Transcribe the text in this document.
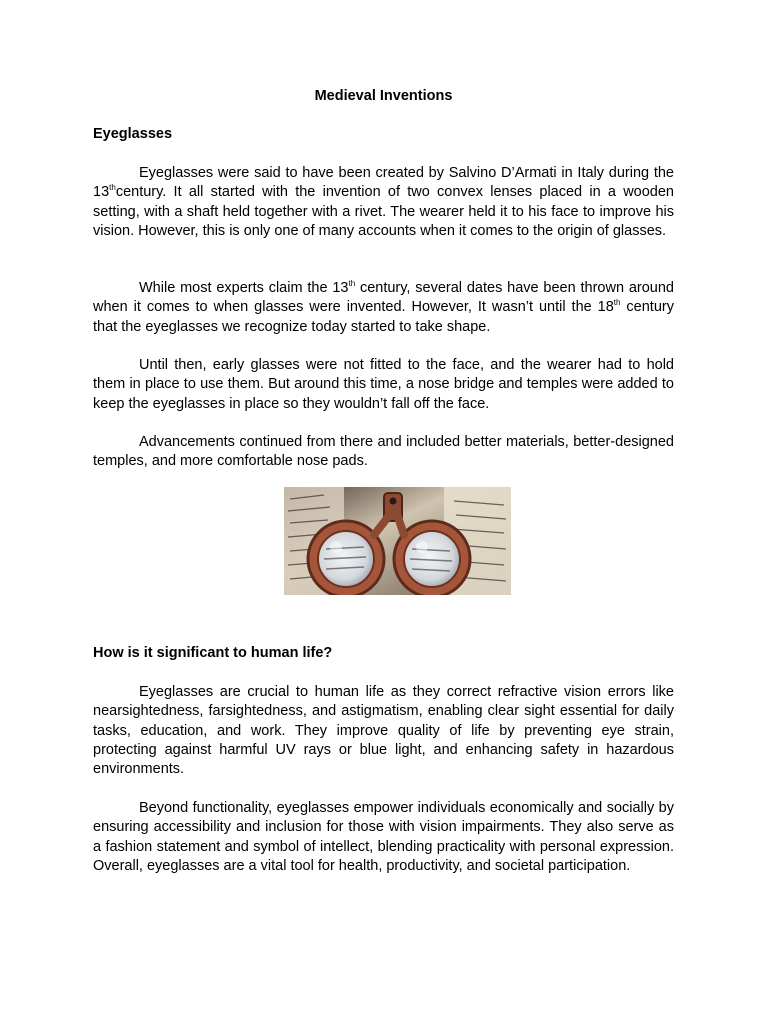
Medieval Inventions
Eyeglasses

Eyeglasses were said to have been created by Salvino D’Armati in Italy during the 13thcentury. It all started with the invention of two convex lenses placed in a wooden setting, with a shaft held together with a rivet. The wearer held it to his face to improve his vision. However, this is only one of many accounts when it comes to the origin of glasses.

While most experts claim the 13th century, several dates have been thrown around when it comes to when glasses were invented. However, It wasn’t until the 18th century that the eyeglasses we recognize today started to take shape.

Until then, early glasses were not fitted to the face, and the wearer had to hold them in place to use them. But around this time, a nose bridge and temples were added to keep the eyeglasses in place so they wouldn’t fall off the face.

Advancements continued from there and included better materials, better-designed temples, and more comfortable nose pads.

How is it significant to human life?

Eyeglasses are crucial to human life as they correct refractive vision errors like nearsightedness, farsightedness, and astigmatism, enabling clear sight essential for daily tasks, education, and work. They improve quality of life by preventing eye strain, protecting against harmful UV rays or blue light, and enhancing safety in hazardous environments.

Beyond functionality, eyeglasses empower individuals economically and socially by ensuring accessibility and inclusion for those with vision impairments. They also serve as a fashion statement and symbol of intellect, blending practicality with personal expression. Overall, eyeglasses are a vital tool for health, productivity, and societal participation.
